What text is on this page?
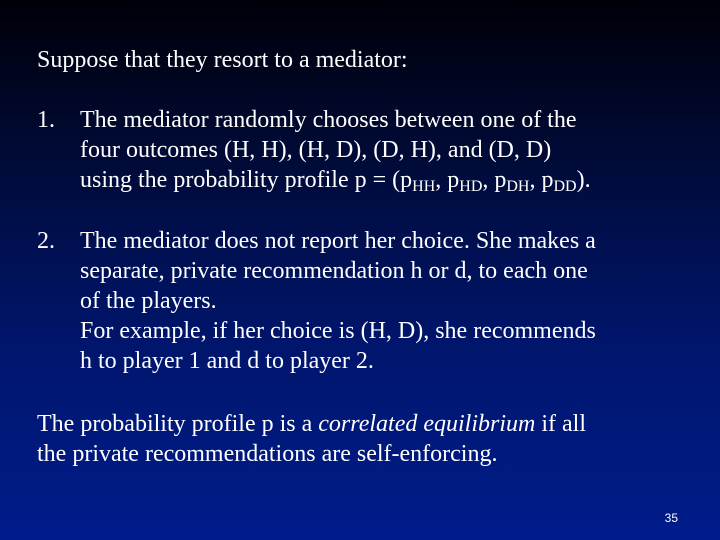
Suppose that they resort to a mediator:
1. The mediator randomly chooses between one of the
four outcomes (H, H), (H, D), (D, H), and (D, D)
using the probability profile $p = (p_{HH}$, $p_{HD}$, $p_{DH}$, $p_{DD}$).
2. The mediator does not report her choice. She makes a
separate, private recommendation h or d, to each one
of the players.
For example, if her choice is (H, D), she recommends
h to player 1 and d to player 2.
The probability profile p is a correlated equilibrium if all
the private recommendations are self-enforcing.
35
